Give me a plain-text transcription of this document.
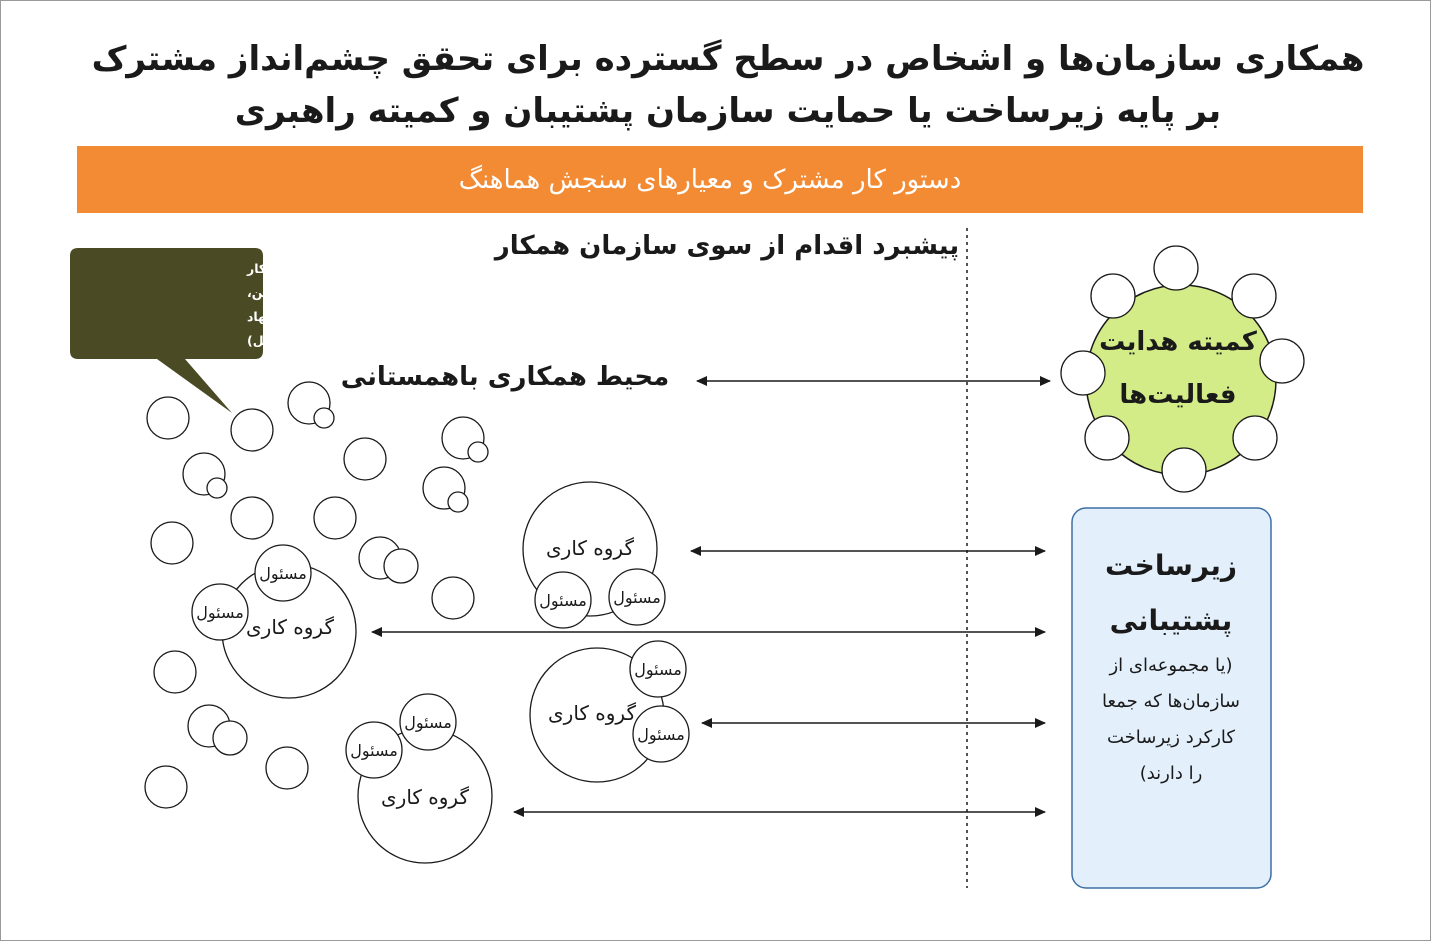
همکاری سازمان‌ها و اشخاص در سطح گسترده برای تحقق چشم‌انداز مشترک
بر پایه زیرساخت یا حمایت سازمان پشتیبان و کمیته راهبری
دستور کار مشترک و معیارهای سنجش هماهنگ
پیشبرد اقدام از سوی سازمان همکار
محیط همکاری باهمستانی
هر دایره به معنای یک همکار
باهمستانی است (مثل سمن،
حامی مالی، کسب و کار نهاد
عمومی، مردم محل)
گروه کاری
مسئول مسئول
گروه کاری
مسئول
مسئول
گروه کاری
مسئول
مسئول
گروه کاری
مسئول
مسئول
کمیته هدایت
فعالیت‌ها
زیرساخت
پشتیبانی
(یا مجموعه‌ای از
سازمان‌ها که جمعا
کارکرد زیرساخت
را دارند)
